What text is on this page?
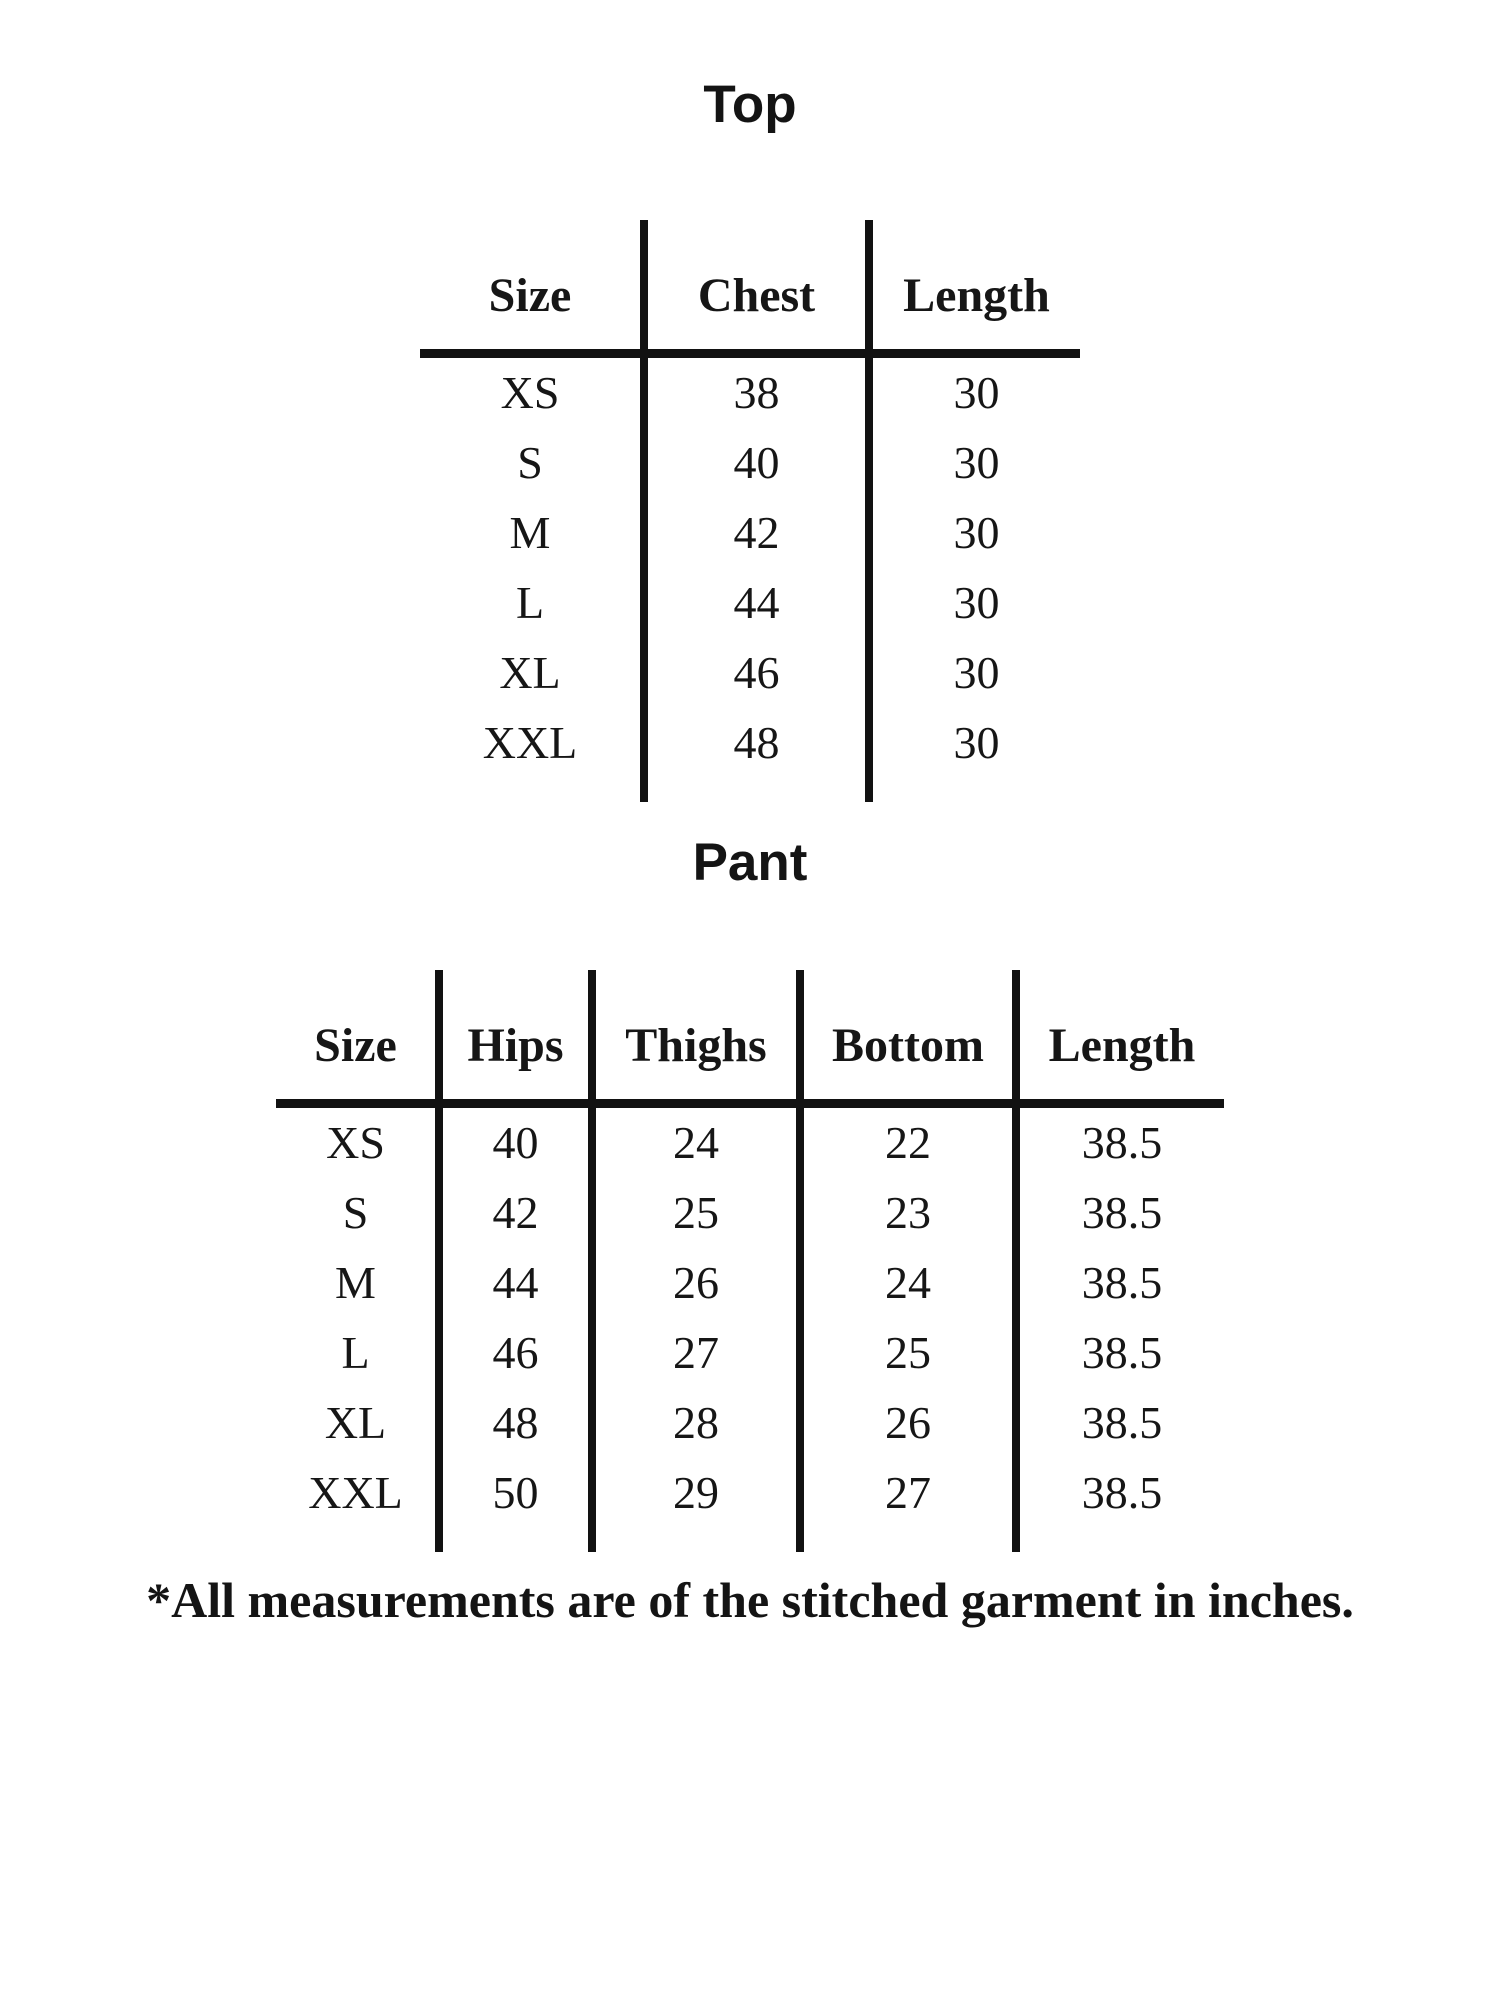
Top
Size	Chest	Length
XS	38	30
S	40	30
M	42	30
L	44	30
XL	46	30
XXL	48	30
Pant
Size	Hips	Thighs	Bottom	Length
XS	40	24	22	38.5
S	42	25	23	38.5
M	44	26	24	38.5
L	46	27	25	38.5
XL	48	28	26	38.5
XXL	50	29	27	38.5

*All measurements are of the stitched garment in inches.
